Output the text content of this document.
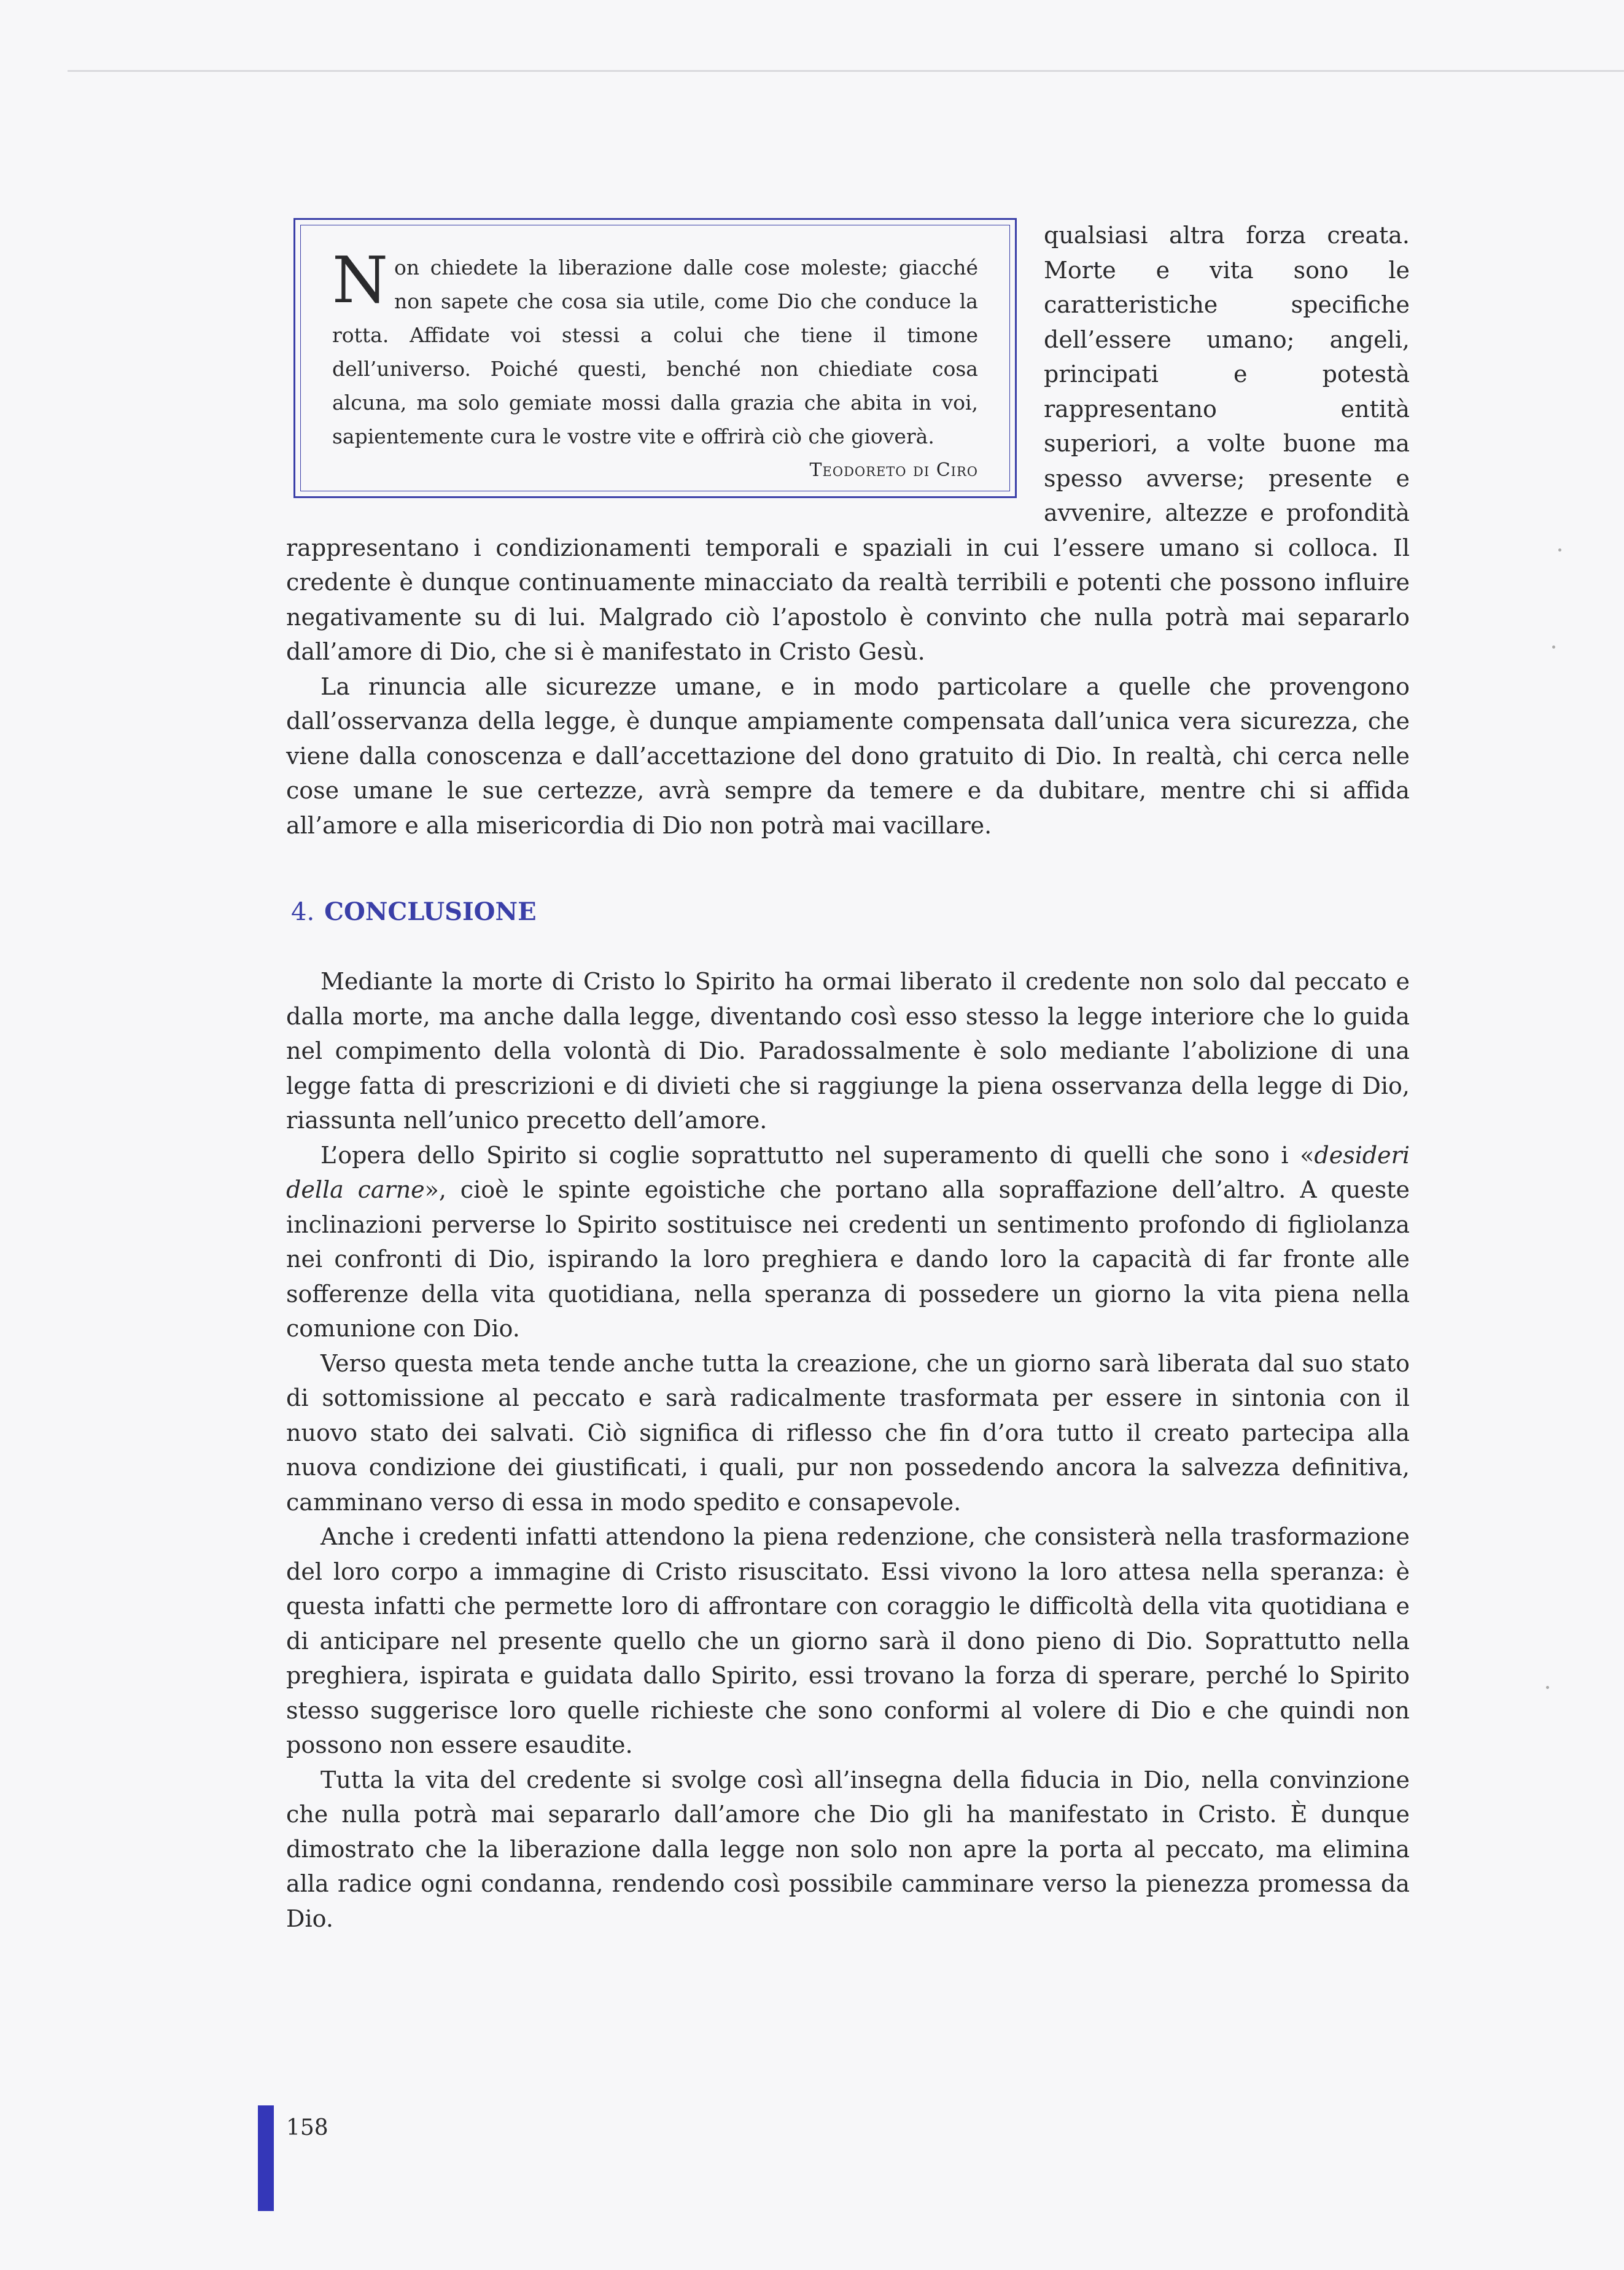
Non chiedete la liberazione dalle cose moleste; giacché non sapete che cosa sia utile, come Dio che conduce la rotta. Affidate voi stessi a colui che tiene il timone dell’universo. Poiché questi, benché non chiediate cosa alcuna, ma solo gemiate mossi dalla grazia che abita in voi, sapientemente cura le vostre vite e offrirà ciò che gioverà.

Teodoreto di Ciro

qualsiasi altra forza creata. Morte e vita sono le caratteristiche specifiche dell’essere umano; angeli, principati e potestà rappresentano entità superiori, a volte buone ma spesso avverse; presente e avvenire, altezze e profondità rappresentano i condizionamenti temporali e spaziali in cui l’essere umano si colloca. Il credente è dunque continuamente minacciato da realtà terribili e potenti che possono influire negativamente su di lui. Malgrado ciò l’apostolo è convinto che nulla potrà mai separarlo dall’amore di Dio, che si è manifestato in Cristo Gesù.

La rinuncia alle sicurezze umane, e in modo particolare a quelle che provengono dall’osservanza della legge, è dunque ampiamente compensata dall’unica vera sicurezza, che viene dalla conoscenza e dall’accettazione del dono gratuito di Dio. In realtà, chi cerca nelle cose umane le sue certezze, avrà sempre da temere e da dubitare, mentre chi si affida all’amore e alla misericordia di Dio non potrà mai vacillare.

4. CONCLUSIONE

Mediante la morte di Cristo lo Spirito ha ormai liberato il credente non solo dal peccato e dalla morte, ma anche dalla legge, diventando così esso stesso la legge interiore che lo guida nel compimento della volontà di Dio. Paradossalmente è solo mediante l’abolizione di una legge fatta di prescrizioni e di divieti che si raggiunge la piena osservanza della legge di Dio, riassunta nell’unico precetto dell’amore.

L’opera dello Spirito si coglie soprattutto nel superamento di quelli che sono i «desideri della carne», cioè le spinte egoistiche che portano alla sopraffazione dell’altro. A queste inclinazioni perverse lo Spirito sostituisce nei credenti un sentimento profondo di figliolanza nei confronti di Dio, ispirando la loro preghiera e dando loro la capacità di far fronte alle sofferenze della vita quotidiana, nella speranza di possedere un giorno la vita piena nella comunione con Dio.

Verso questa meta tende anche tutta la creazione, che un giorno sarà liberata dal suo stato di sottomissione al peccato e sarà radicalmente trasformata per essere in sintonia con il nuovo stato dei salvati. Ciò significa di riflesso che fin d’ora tutto il creato partecipa alla nuova condizione dei giustificati, i quali, pur non possedendo ancora la salvezza definitiva, camminano verso di essa in modo spedito e consapevole.

Anche i credenti infatti attendono la piena redenzione, che consisterà nella trasformazione del loro corpo a immagine di Cristo risuscitato. Essi vivono la loro attesa nella speranza: è questa infatti che permette loro di affrontare con coraggio le difficoltà della vita quotidiana e di anticipare nel presente quello che un giorno sarà il dono pieno di Dio. Soprattutto nella preghiera, ispirata e guidata dallo Spirito, essi trovano la forza di sperare, perché lo Spirito stesso suggerisce loro quelle richieste che sono conformi al volere di Dio e che quindi non possono non essere esaudite.

Tutta la vita del credente si svolge così all’insegna della fiducia in Dio, nella convinzione che nulla potrà mai separarlo dall’amore che Dio gli ha manifestato in Cristo. È dunque dimostrato che la liberazione dalla legge non solo non apre la porta al peccato, ma elimina alla radice ogni condanna, rendendo così possibile camminare verso la pienezza promessa da Dio.

158
